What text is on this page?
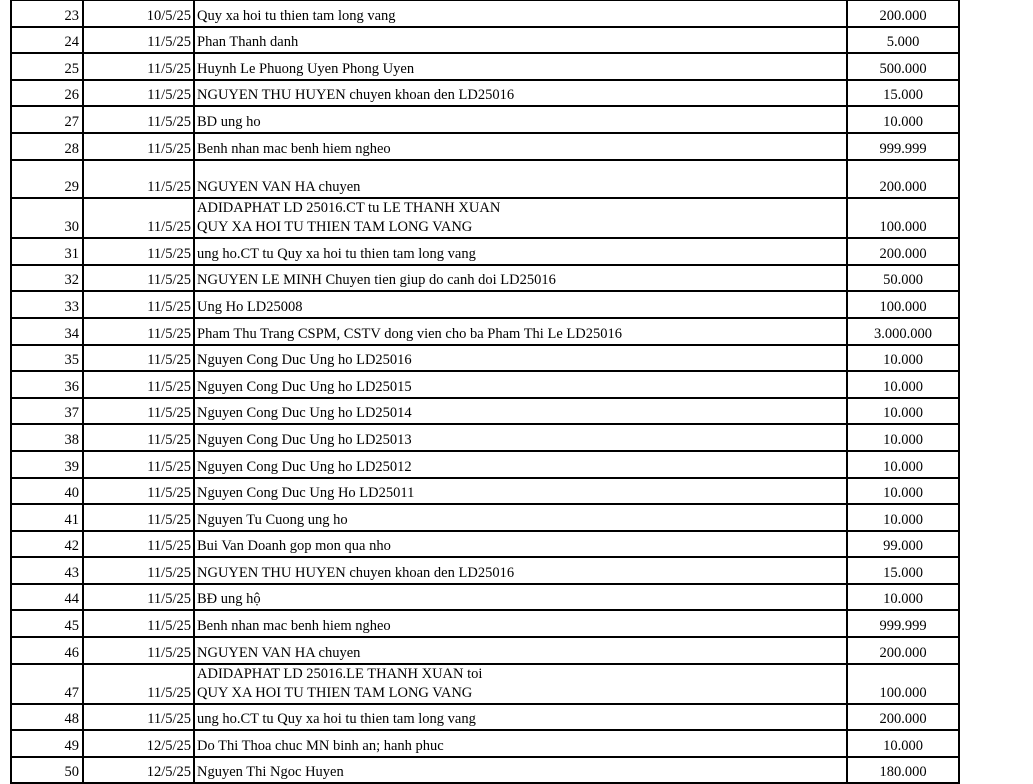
23	10/5/25	Quy xa hoi tu thien tam long vang	200.000
24	11/5/25	Phan Thanh danh	5.000
25	11/5/25	Huynh Le Phuong Uyen Phong Uyen	500.000
26	11/5/25	NGUYEN THU HUYEN chuyen khoan den LD25016	15.000
27	11/5/25	BD ung ho	10.000
28	11/5/25	Benh nhan mac benh hiem ngheo	999.999
29	11/5/25	NGUYEN VAN HA chuyen	200.000
30	11/5/25	ADIDAPHAT LD 25016.CT tu LE THANH XUAN
QUY XA HOI TU THIEN TAM LONG VANG	100.000
31	11/5/25	ung ho.CT tu Quy xa hoi tu thien tam long vang	200.000
32	11/5/25	NGUYEN LE MINH Chuyen tien giup do canh doi LD25016	50.000
33	11/5/25	Ung Ho LD25008	100.000
34	11/5/25	Pham Thu Trang CSPM, CSTV dong vien cho ba Pham Thi Le LD25016	3.000.000
35	11/5/25	Nguyen Cong Duc Ung ho LD25016	10.000
36	11/5/25	Nguyen Cong Duc Ung ho LD25015	10.000
37	11/5/25	Nguyen Cong Duc Ung ho LD25014	10.000
38	11/5/25	Nguyen Cong Duc Ung ho LD25013	10.000
39	11/5/25	Nguyen Cong Duc Ung ho LD25012	10.000
40	11/5/25	Nguyen Cong Duc Ung Ho LD25011	10.000
41	11/5/25	Nguyen Tu Cuong ung ho	10.000
42	11/5/25	Bui Van Doanh gop mon qua nho	99.000
43	11/5/25	NGUYEN THU HUYEN chuyen khoan den LD25016	15.000
44	11/5/25	BĐ ung hộ	10.000
45	11/5/25	Benh nhan mac benh hiem ngheo	999.999
46	11/5/25	NGUYEN VAN HA chuyen	200.000
47	11/5/25	ADIDAPHAT LD 25016.LE THANH XUAN toi
QUY XA HOI TU THIEN TAM LONG VANG	100.000
48	11/5/25	ung ho.CT tu Quy xa hoi tu thien tam long vang	200.000
49	12/5/25	Do Thi Thoa chuc MN binh an; hanh phuc	10.000
50	12/5/25	Nguyen Thi Ngoc Huyen	180.000
